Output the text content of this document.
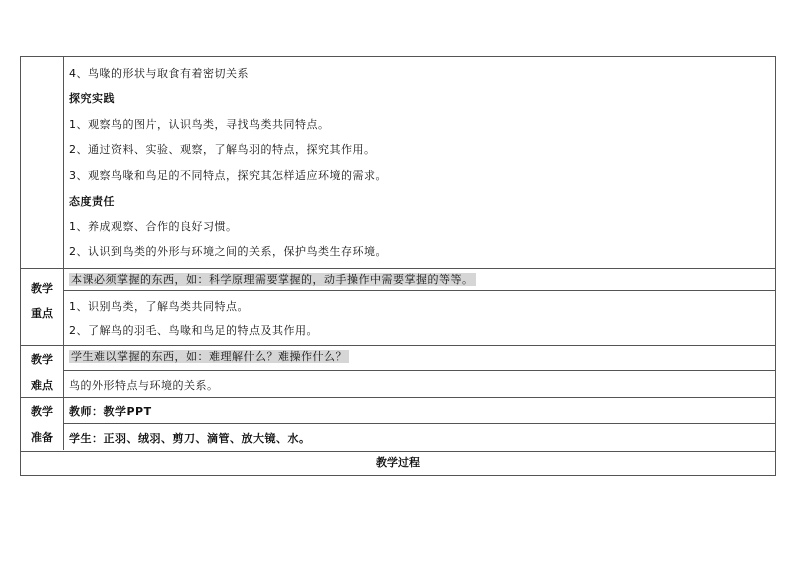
4、鸟喙的形状与取食有着密切关系
探究实践
1、观察鸟的图片，认识鸟类，寻找鸟类共同特点。
2、通过资料、实验、观察，了解鸟羽的特点，探究其作用。
3、观察鸟喙和鸟足的不同特点，探究其怎样适应环境的需求。
态度责任
1、养成观察、合作的良好习惯。
2、认识到鸟类的外形与环境之间的关系，保护鸟类生存环境。
教学
重点
本课必须掌握的东西，如：科学原理需要掌握的，动手操作中需要掌握的等等。
1、识别鸟类，了解鸟类共同特点。
2、了解鸟的羽毛、鸟喙和鸟足的特点及其作用。
教学
难点
学生难以掌握的东西，如：难理解什么？难操作什么？
鸟的外形特点与环境的关系。
教学
准备
教师：教学PPT
学生：正羽、绒羽、剪刀、滴管、放大镜、水。
教学过程
